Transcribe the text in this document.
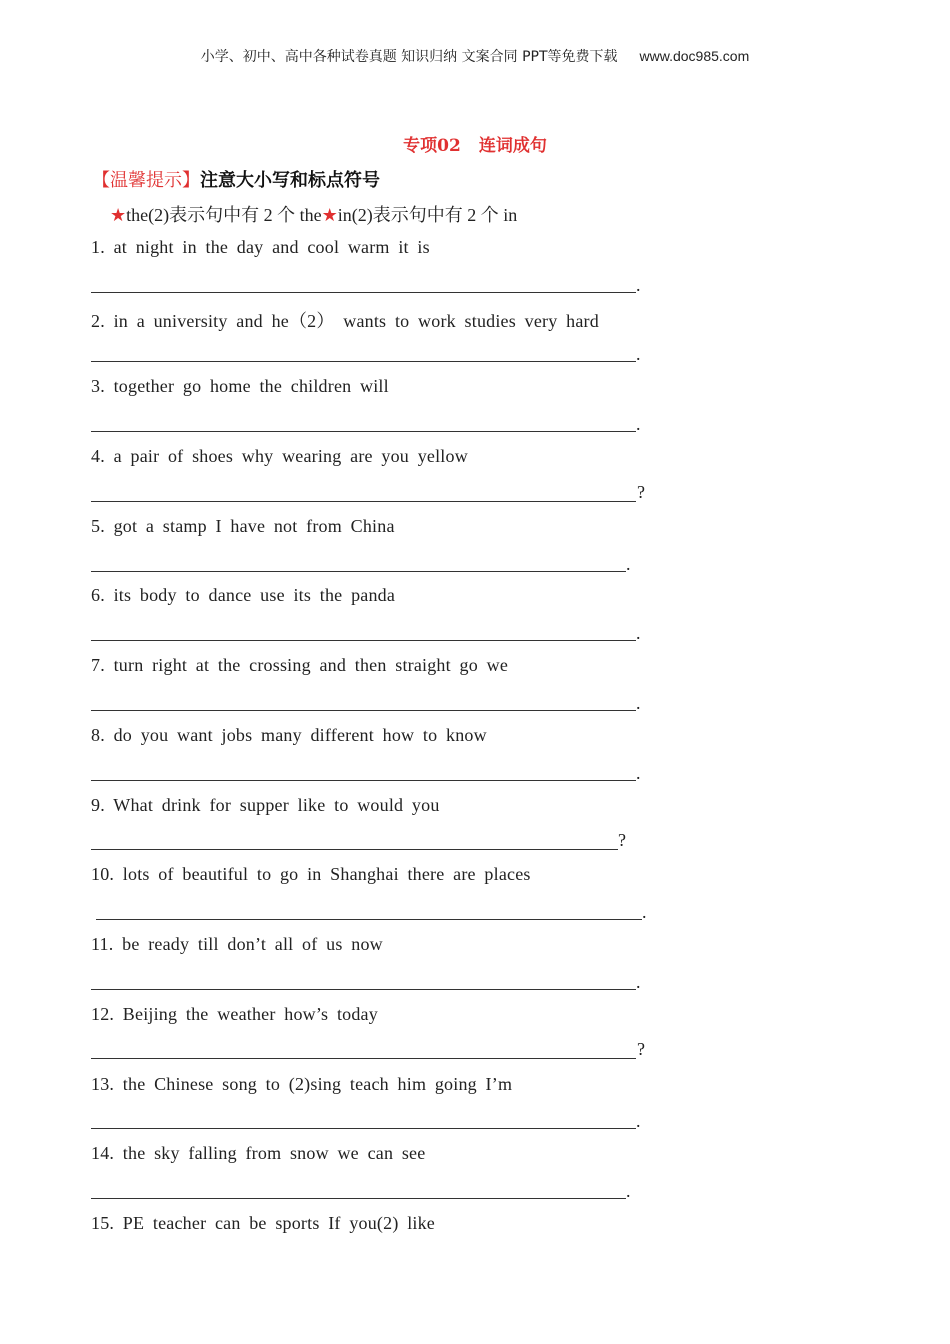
小学、初中、高中各种试卷真题 知识归纳 文案合同 PPT等免费下载 www.doc985.com
专项02 连词成句
【温馨提示】注意大小写和标点符号
★the(2)表示句中有 2 个 the★in(2)表示句中有 2 个 in
1. at night in the day and cool warm it is
.
2. in a university and he（2） wants to work studies very hard
.
3. together go home the children will
.
4. a pair of shoes why wearing are you yellow
?
5. got a stamp I have not from China
.
6. its body to dance use its the panda
.
7. turn right at the crossing and then straight go we
.
8. do you want jobs many different how to know
.
9. What drink for supper like to would you
?
10. lots of beautiful to go in Shanghai there are places
.
11. be ready till don’t all of us now
.
12. Beijing the weather how’s today
?
13. the Chinese song to (2)sing teach him going I’m
.
14. the sky falling from snow we can see
.
15. PE teacher can be sports If you(2) like
